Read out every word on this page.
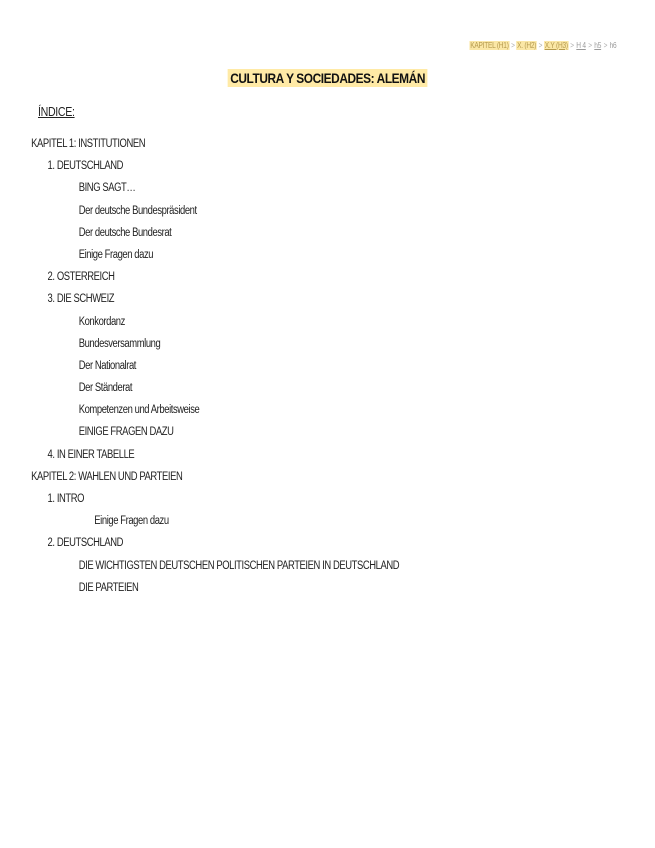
KAPITEL (H1) > X. (H2) > X.Y (H3) > H 4 > h5 > h6
CULTURA Y SOCIEDADES: ALEMÁN
ÍNDICE:
KAPITEL 1: INSTITUTIONEN
1. DEUTSCHLAND
BING SAGT…
Der deutsche Bundespräsident
Der deutsche Bundesrat
Einige Fragen dazu
2. ÖSTERREICH
3. DIE SCHWEIZ
Konkordanz
Bundesversammlung
Der Nationalrat
Der Ständerat
Kompetenzen und Arbeitsweise
EINIGE FRAGEN DAZU
4. IN EINER TABELLE
KAPITEL 2: WAHLEN UND PARTEIEN
1. INTRO
Einige Fragen dazu
2. DEUTSCHLAND
DIE WICHTIGSTEN DEUTSCHEN POLITISCHEN PARTEIEN IN DEUTSCHLAND
DIE PARTEIEN
